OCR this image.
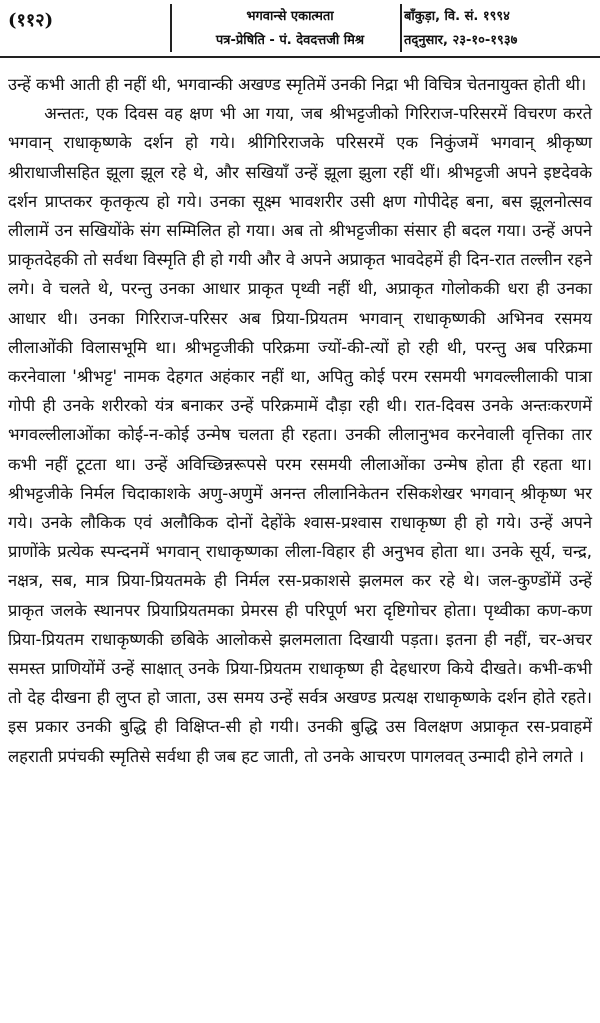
(११२)	भगवान्से एकात्मता
पत्र-प्रेषिति - पं. देवदत्तजी मिश्र
बाँकुड़ा, वि. सं. १९९४
तद्नुसार, २३-१०-१९३७

उन्हें कभी आती ही नहीं थी, भगवान्की अखण्ड स्मृतिमें उनकी निद्रा भी विचित्र चेतनायुक्त होती थी।

अन्ततः, एक दिवस वह क्षण भी आ गया, जब श्रीभट्टजीको गिरिराज-परिसरमें विचरण करते भगवान् राधाकृष्णके दर्शन हो गये। श्रीगिरिराजके परिसरमें एक निकुंजमें भगवान् श्रीकृष्ण श्रीराधाजीसहित झूला झूल रहे थे, और सखियाँ उन्हें झूला झुला रहीं थीं। श्रीभट्टजी अपने इष्टदेवके दर्शन प्राप्तकर कृतकृत्य हो गये। उनका सूक्ष्म भावशरीर उसी क्षण गोपीदेह बना, बस झूलनोत्सव लीलामें उन सखियोंके संग सम्मिलित हो गया। अब तो श्रीभट्टजीका संसार ही बदल गया। उन्हें अपने प्राकृतदेहकी तो सर्वथा विस्मृति ही हो गयी और वे अपने अप्राकृत भावदेहमें ही दिन-रात तल्लीन रहने लगे। वे चलते थे, परन्तु उनका आधार प्राकृत पृथ्वी नहीं थी, अप्राकृत गोलोककी धरा ही उनका आधार थी। उनका गिरिराज-परिसर अब प्रिया-प्रियतम भगवान् राधाकृष्णकी अभिनव रसमय लीलाओंकी विलासभूमि था। श्रीभट्टजीकी परिक्रमा ज्यों-की-त्यों हो रही थी, परन्तु अब परिक्रमा करनेवाला 'श्रीभट्ट' नामक देहगत अहंकार नहीं था, अपितु कोई परम रसमयी भगवल्लीलाकी पात्रा गोपी ही उनके शरीरको यंत्र बनाकर उन्हें परिक्रमामें दौड़ा रही थी। रात-दिवस उनके अन्तःकरणमें भगवल्लीलाओंका कोई-न-कोई उन्मेष चलता ही रहता। उनकी लीलानुभव करनेवाली वृत्तिका तार कभी नहीं टूटता था। उन्हें अविच्छिन्नरूपसे परम रसमयी लीलाओंका उन्मेष होता ही रहता था। श्रीभट्टजीके निर्मल चिदाकाशके अणु-अणुमें अनन्त लीलानिकेतन रसिकशेखर भगवान् श्रीकृष्ण भर गये। उनके लौकिक एवं अलौकिक दोनों देहोंके श्वास-प्रश्वास राधाकृष्ण ही हो गये। उन्हें अपने प्राणोंके प्रत्येक स्पन्दनमें भगवान् राधाकृष्णका लीला-विहार ही अनुभव होता था। उनके सूर्य, चन्द्र, नक्षत्र, सब, मात्र प्रिया-प्रियतमके ही निर्मल रस-प्रकाशसे झलमल कर रहे थे। जल-कुण्डोंमें उन्हें प्राकृत जलके स्थानपर प्रियाप्रियतमका प्रेमरस ही परिपूर्ण भरा दृष्टिगोचर होता। पृथ्वीका कण-कण प्रिया-प्रियतम राधाकृष्णकी छबिके आलोकसे झलमलाता दिखायी पड़ता। इतना ही नहीं, चर-अचर समस्त प्राणियोंमें उन्हें साक्षात् उनके प्रिया-प्रियतम राधाकृष्ण ही देहधारण किये दीखते। कभी-कभी तो देह दीखना ही लुप्त हो जाता, उस समय उन्हें सर्वत्र अखण्ड प्रत्यक्ष राधाकृष्णके दर्शन होते रहते। इस प्रकार उनकी बुद्धि ही विक्षिप्त-सी हो गयी। उनकी बुद्धि उस विलक्षण अप्राकृत रस-प्रवाहमें लहराती प्रपंचकी स्मृतिसे सर्वथा ही जब हट जाती, तो उनके आचरण पागलवत् उन्मादी होने लगते ।
